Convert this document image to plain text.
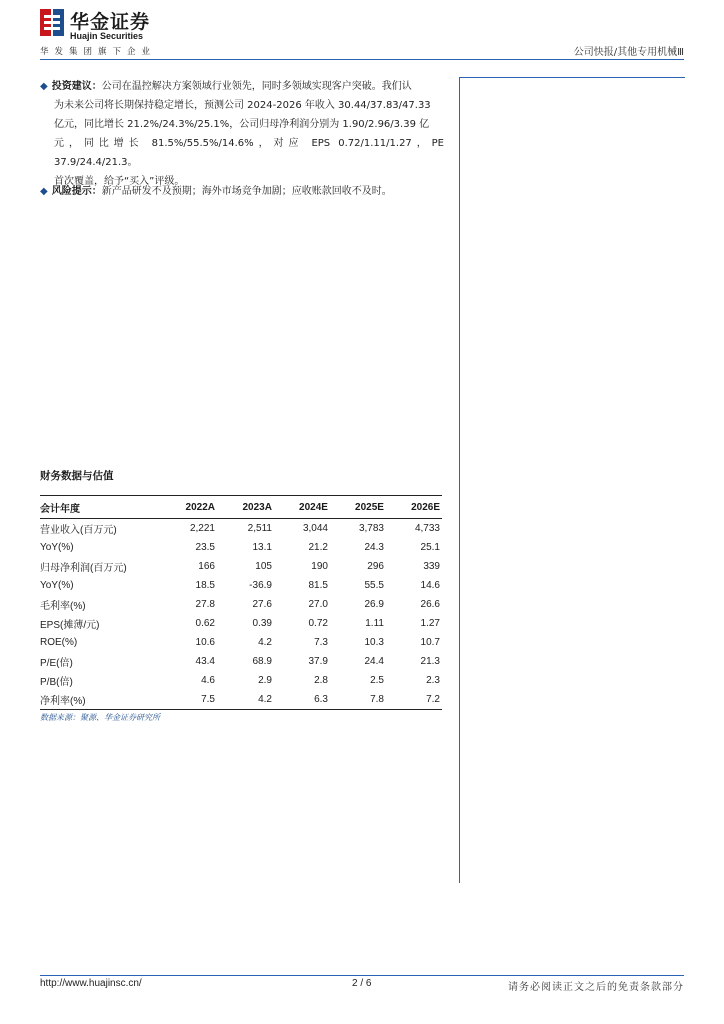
华金证券
Huajin Securities
华发集团旗下企业	公司快报/其他专用机械Ⅲ
◆ 投资建议：公司在温控解决方案领域行业领先，同时多领域实现客户突破。我们认
为未来公司将长期保持稳定增长，预测公司 2024-2026 年收入 30.44/37.83/47.33
亿元，同比增长 21.2%/24.3%/25.1%，公司归母净利润分别为 1.90/2.96/3.39 亿
元，同比增长 81.5%/55.5%/14.6%，对应 EPS 0.72/1.11/1.27，PE 37.9/24.4/21.3。
首次覆盖，给予“买入”评级。
◆ 风险提示：新产品研发不及预期；海外市场竞争加剧；应收账款回收不及时。
财务数据与估值
会计年度	2022A	2023A	2024E	2025E	2026E
营业收入(百万元)	2,221	2,511	3,044	3,783	4,733
YoY(%)	23.5	13.1	21.2	24.3	25.1
归母净利润(百万元)	166	105	190	296	339
YoY(%)	18.5	-36.9	81.5	55.5	14.6
毛利率(%)	27.8	27.6	27.0	26.9	26.6
EPS(摊薄/元)	0.62	0.39	0.72	1.11	1.27
ROE(%)	10.6	4.2	7.3	10.3	10.7
P/E(倍)	43.4	68.9	37.9	24.4	21.3
P/B(倍)	4.6	2.9	2.8	2.5	2.3
净利率(%)	7.5	4.2	6.3	7.8	7.2
数据来源：聚源、华金证券研究所
http://www.huajinsc.cn/	2 / 6	请务必阅读正文之后的免责条款部分
